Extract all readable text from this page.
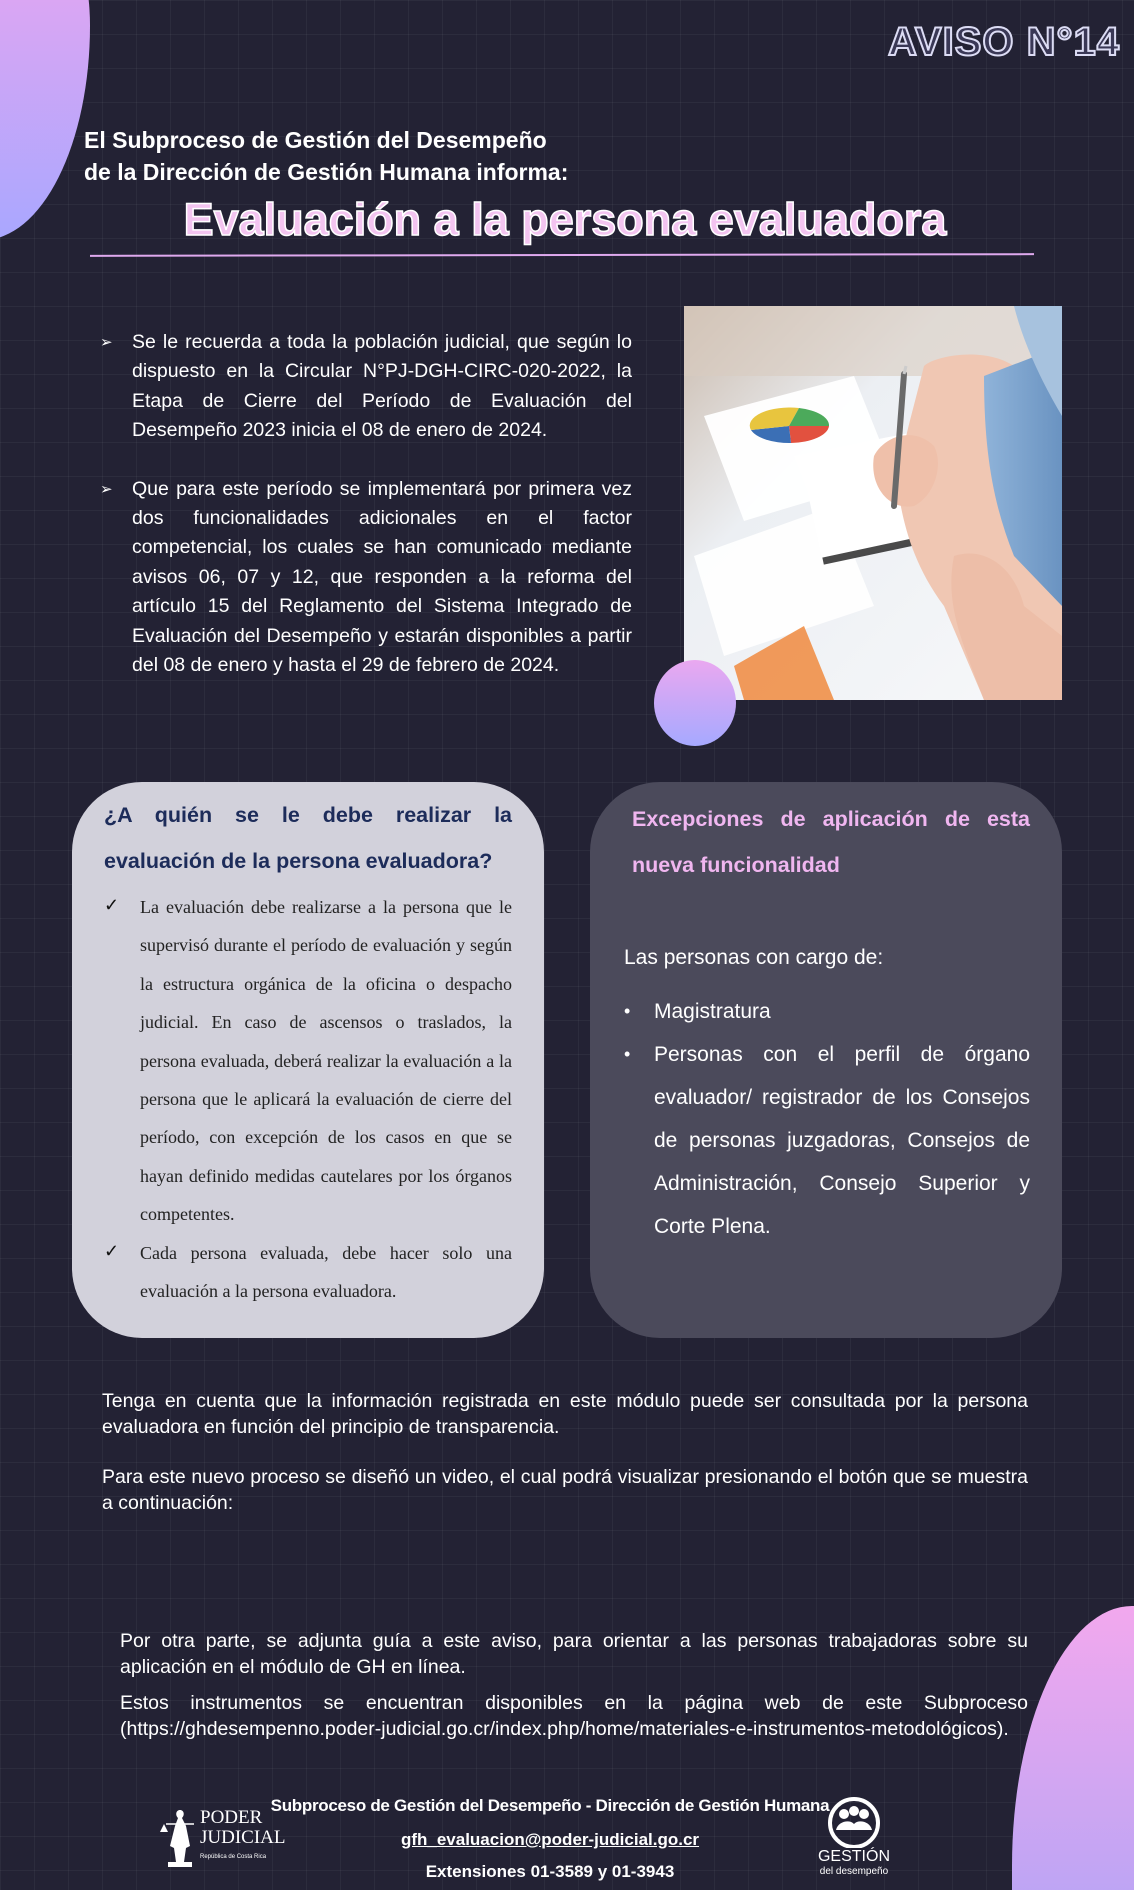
AVISO N°14
El Subproceso de Gestión del Desempeño
de la Dirección de Gestión Humana informa:
Evaluación a la persona evaluadora
➢ Se le recuerda a toda la población judicial, que según lo dispuesto en la Circular N°PJ-DGH-CIRC-020-2022, la Etapa de Cierre del Período de Evaluación del Desempeño 2023 inicia el 08 de enero de 2024.
➢ Que para este período se implementará por primera vez dos funcionalidades adicionales en el factor competencial, los cuales se han comunicado mediante avisos 06, 07 y 12, que responden a la reforma del artículo 15 del Reglamento del Sistema Integrado de Evaluación del Desempeño y estarán disponibles a partir del 08 de enero y hasta el 29 de febrero de 2024.
¿A quién se le debe realizar la
evaluación de la persona evaluadora?
✓ La evaluación debe realizarse a la persona que le supervisó durante el período de evaluación y según la estructura orgánica de la oficina o despacho judicial. En caso de ascensos o traslados, la persona evaluada, deberá realizar la evaluación a la persona que le aplicará la evaluación de cierre del período, con excepción de los casos en que se hayan definido medidas cautelares por los órganos competentes.
✓ Cada persona evaluada, debe hacer solo una evaluación a la persona evaluadora.
Excepciones de aplicación de esta
nueva funcionalidad
Las personas con cargo de:
• Magistratura
• Personas con el perfil de órgano evaluador/ registrador de los Consejos de personas juzgadoras, Consejos de Administración, Consejo Superior y Corte Plena.
Tenga en cuenta que la información registrada en este módulo puede ser consultada por la persona evaluadora en función del principio de transparencia.
Para este nuevo proceso se diseñó un video, el cual podrá visualizar presionando el botón que se muestra a continuación:
Por otra parte, se adjunta guía a este aviso, para orientar a las personas trabajadoras sobre su aplicación en el módulo de GH en línea.
Estos instrumentos se encuentran disponibles en la página web de este Subproceso (https://ghdesempenno.poder-judicial.go.cr/index.php/home/materiales-e-instrumentos-metodológicos).
PODER
JUDICIAL
República de Costa Rica
Subproceso de Gestión del Desempeño - Dirección de Gestión Humana
gfh_evaluacion@poder-judicial.go.cr
Extensiones 01-3589 y 01-3943
GESTIÓN
del desempeño
